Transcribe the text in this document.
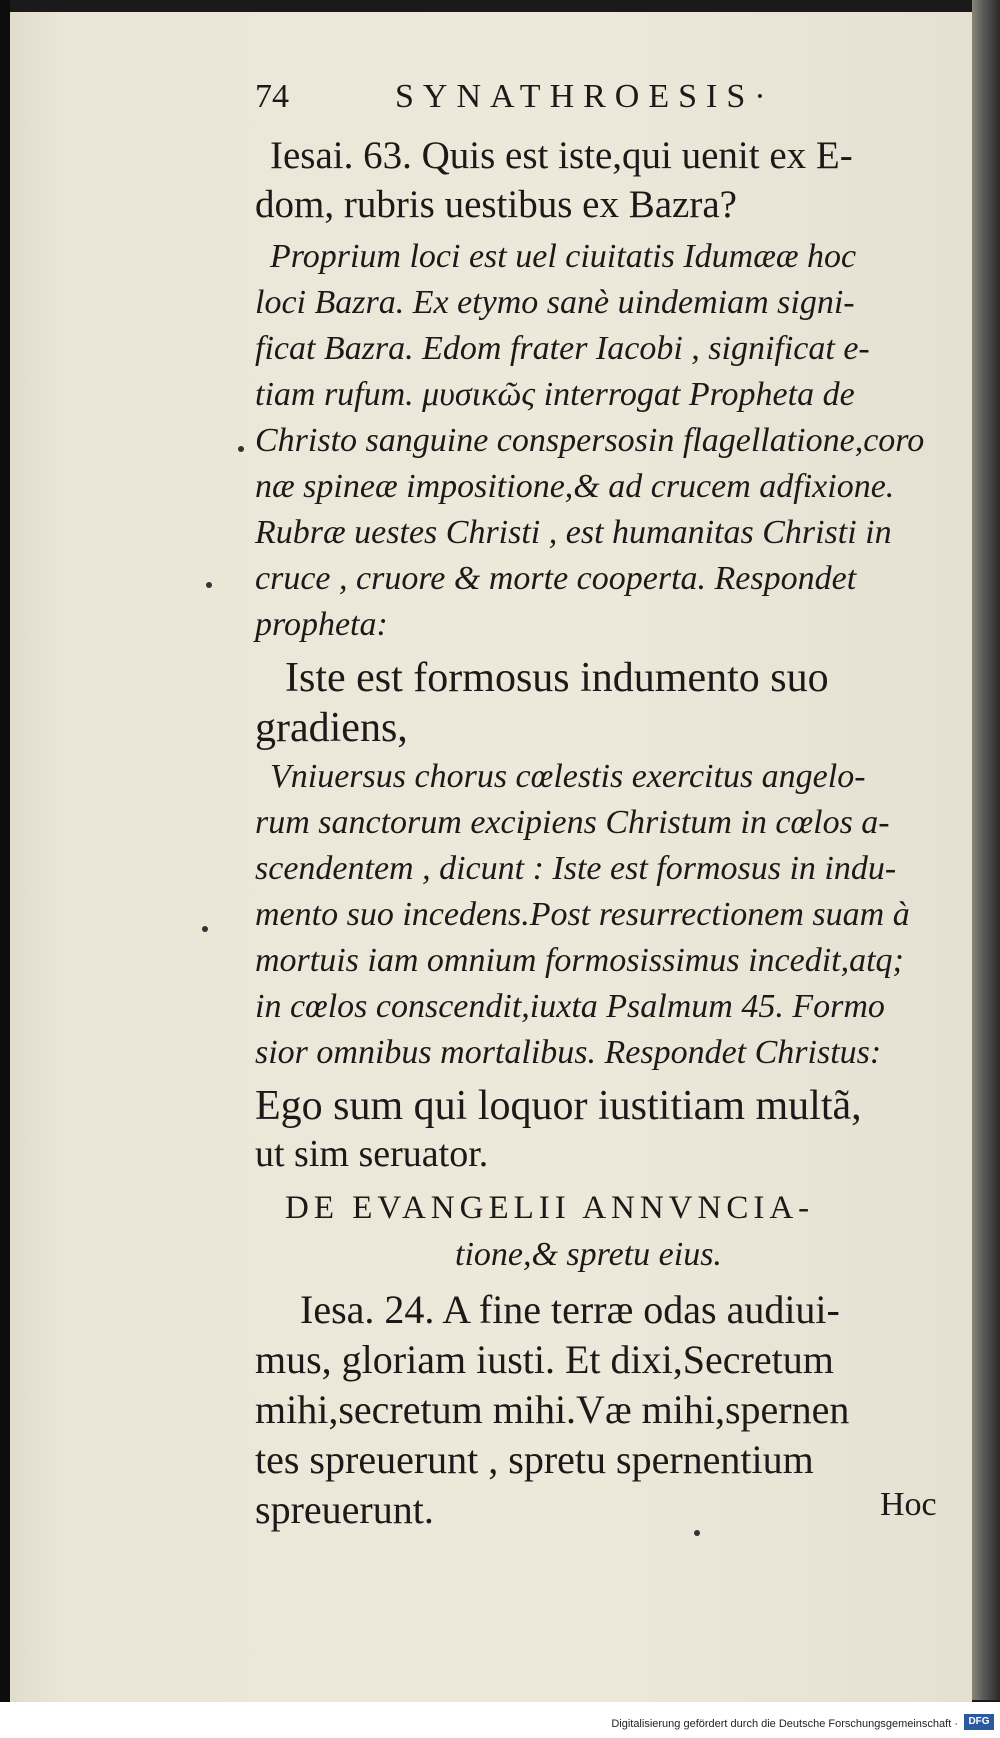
74	SYNATHROESIS·
Iesai. 63. Quis est iste,qui uenit ex E-
dom, rubris uestibus ex Bazra?
Proprium loci est uel ciuitatis Idumææ hoc
loci Bazra. Ex etymo sanè uindemiam signi-
ficat Bazra. Edom frater Iacobi , significat e-
tiam rufum. μυσικῶς interrogat Propheta de
Christo sanguine conspersosin flagellatione,coro
næ spineæ impositione,& ad crucem adfixione.
Rubræ uestes Christi , est humanitas Christi in
cruce , cruore & morte cooperta. Respondet
propheta:
Iste est formosus indumento suo
gradiens,
Vniuersus chorus cœlestis exercitus angelo-
rum sanctorum excipiens Christum in cœlos a-
scendentem , dicunt : Iste est formosus in indu-
mento suo incedens.Post resurrectionem suam à
mortuis iam omnium formosissimus incedit,atq;
in cœlos conscendit,iuxta Psalmum 45. Formo
sior omnibus mortalibus. Respondet Christus:
Ego sum qui loquor iustitiam multã,
ut sim seruator.
DE EVANGELII ANNVNCIA-
tione,& spretu eius.
Iesa. 24. A fine terræ odas audiui-
mus, gloriam iusti. Et dixi,Secretum
mihi,secretum mihi.Væ mihi,spernen
tes spreuerunt , spretu spernentium
spreuerunt.	Hoc
Digitalisierung gefördert durch die Deutsche Forschungsgemeinschaft ·	DFG
